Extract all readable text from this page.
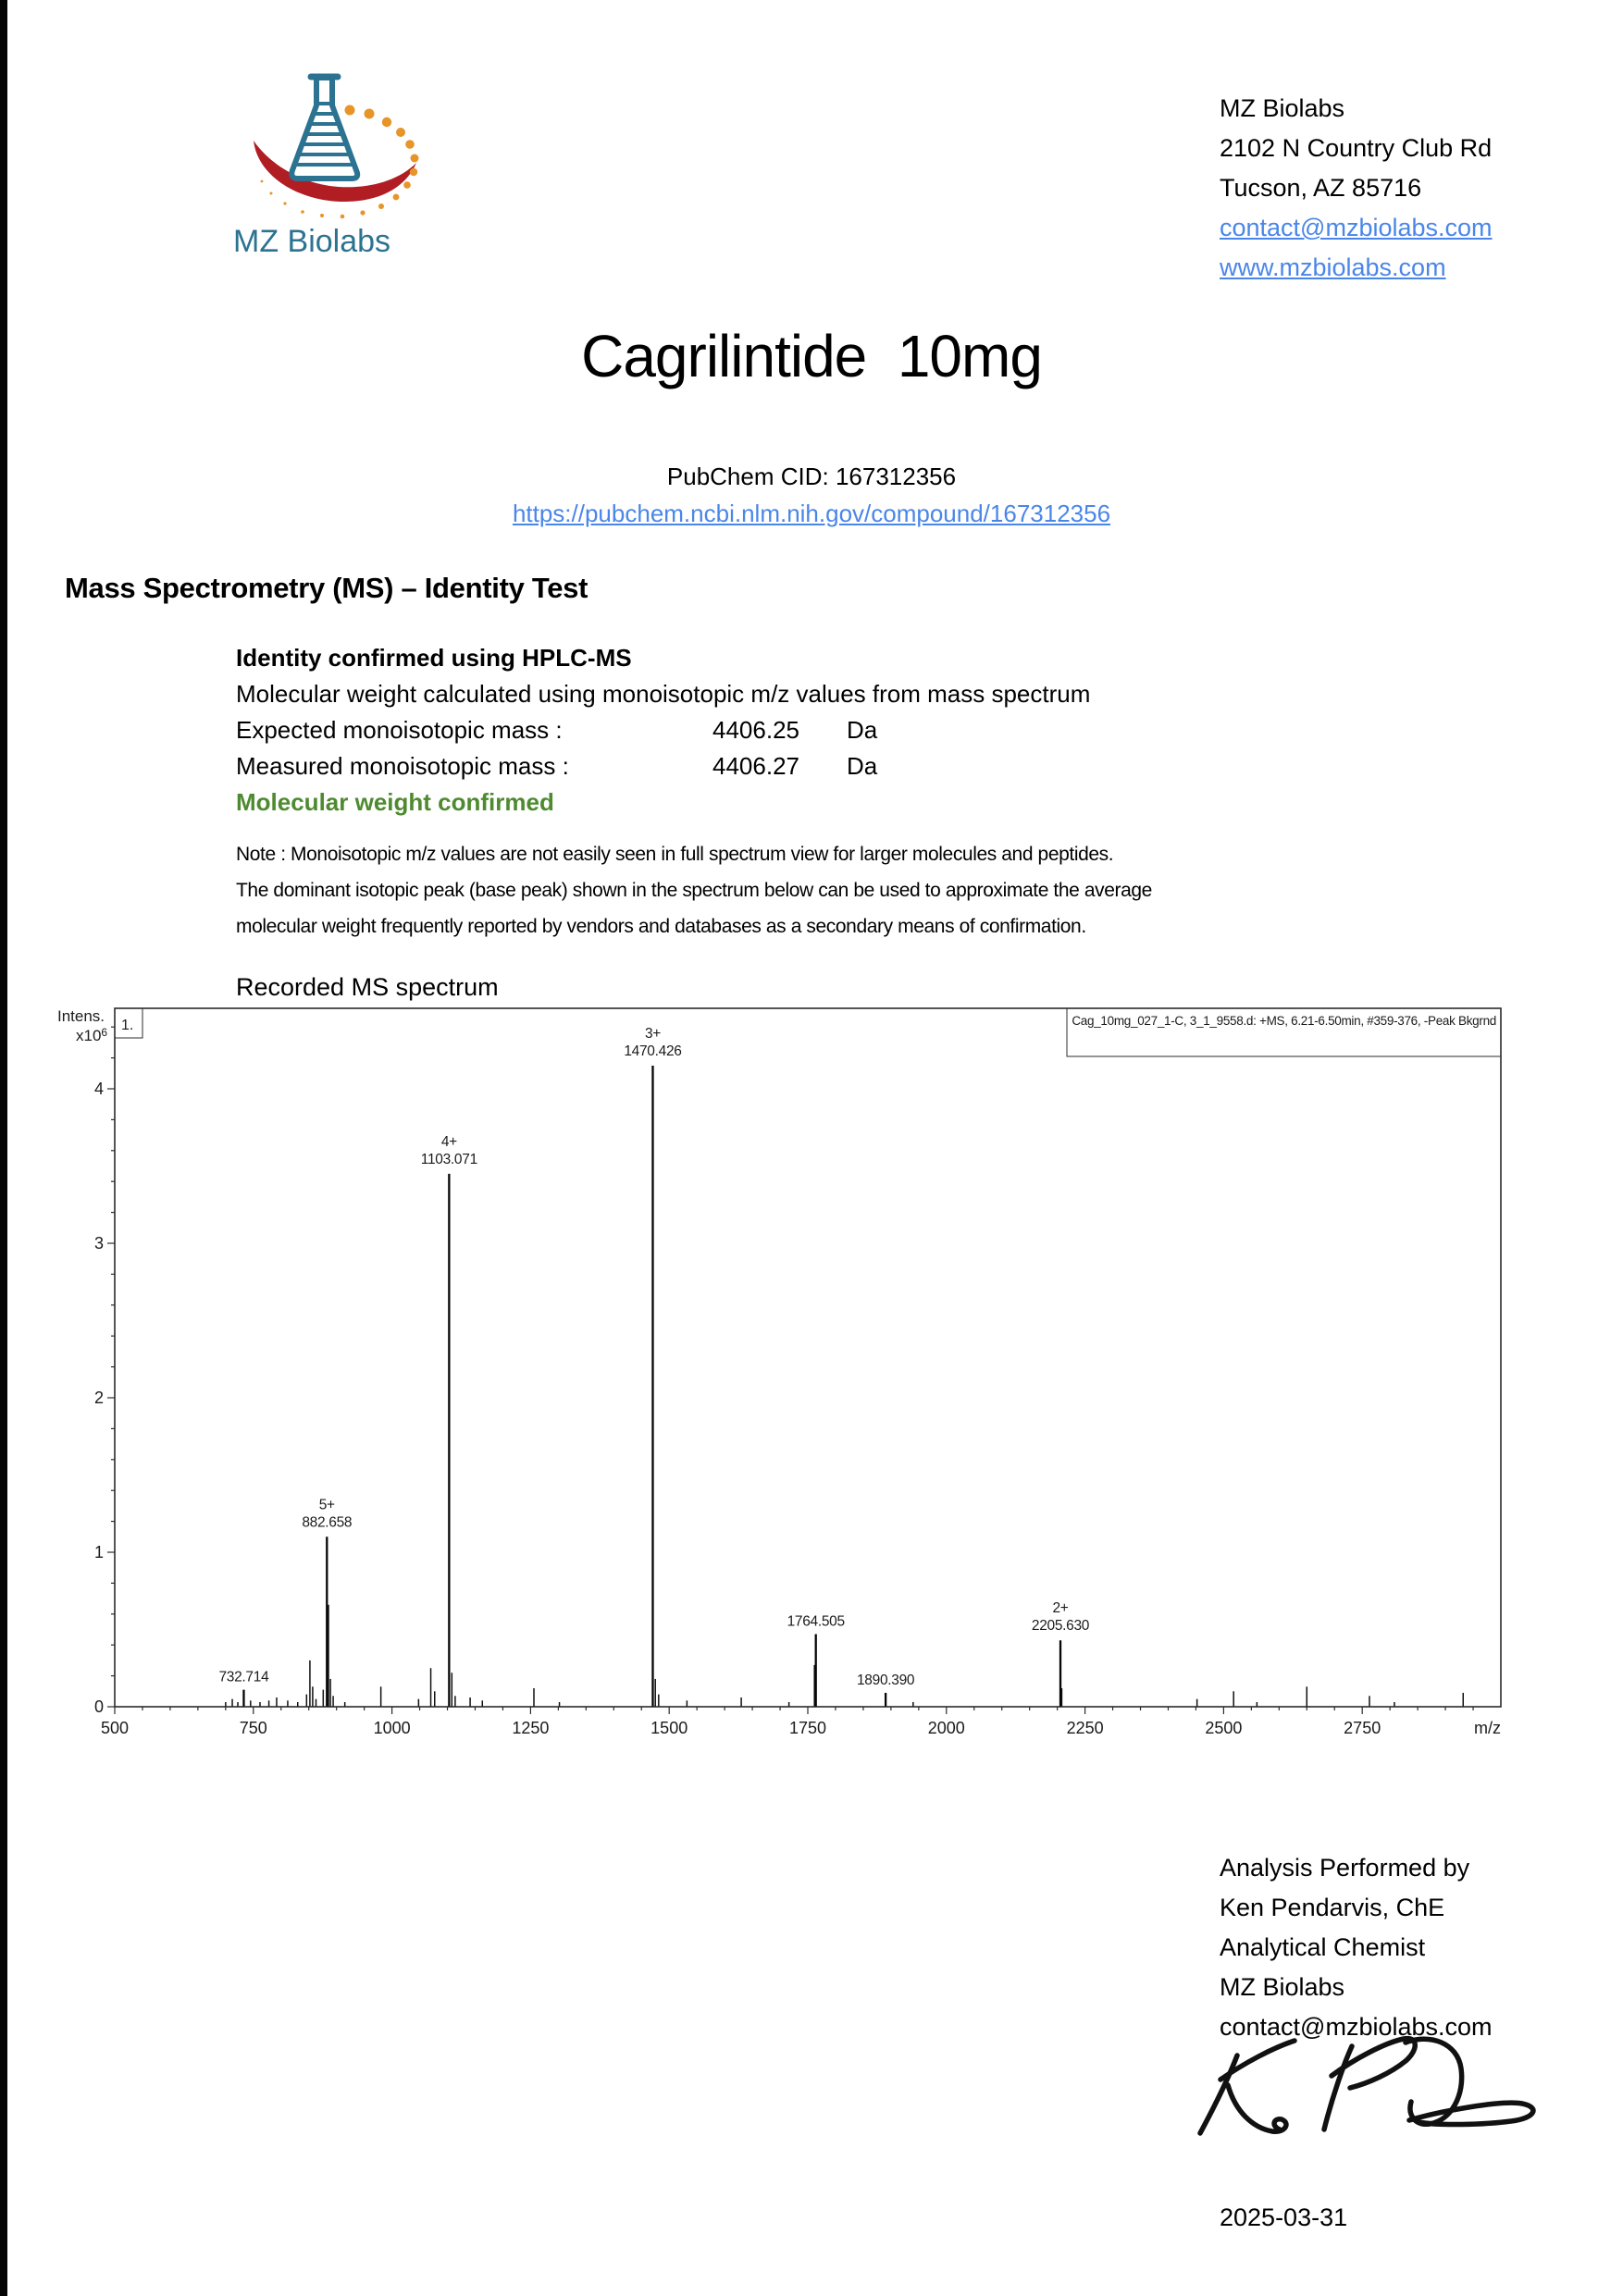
MZ Biolabs
MZ Biolabs
2102 N Country Club Rd
Tucson, AZ 85716
contact@mzbiolabs.com
www.mzbiolabs.com
Cagrilintide  10mg
PubChem CID: 167312356
https://pubchem.ncbi.nlm.nih.gov/compound/167312356
Mass Spectrometry (MS) – Identity Test
Identity confirmed using HPLC-MS
Molecular weight calculated using monoisotopic m/z values from mass spectrum
Expected monoisotopic mass :	4406.25 Da
Measured monoisotopic mass :	4406.27 Da
Molecular weight confirmed
Note : Monoisotopic m/z values are not easily seen in full spectrum view for larger molecules and peptides.
The dominant isotopic peak (base peak) shown in the spectrum below can be used to approximate the average
molecular weight frequently reported by vendors and databases as a secondary means of confirmation.
Recorded MS spectrum
1.	Cag_10mg_027_1-C, 3_1_9558.d: +MS, 6.21-6.50min, #359-376, -Peak Bkgrnd
500	750	1000	1250	1500	1750	2000	2250	2500	2750	m/z
0
1
2
3
4
Intens.
$x10^6$
732.714
5+
882.658
4+
1103.071
3+
1470.426
1764.505
1890.390
2+
2205.630
Analysis Performed by
Ken Pendarvis, ChE
Analytical Chemist
MZ Biolabs
contact@mzbiolabs.com
2025-03-31
